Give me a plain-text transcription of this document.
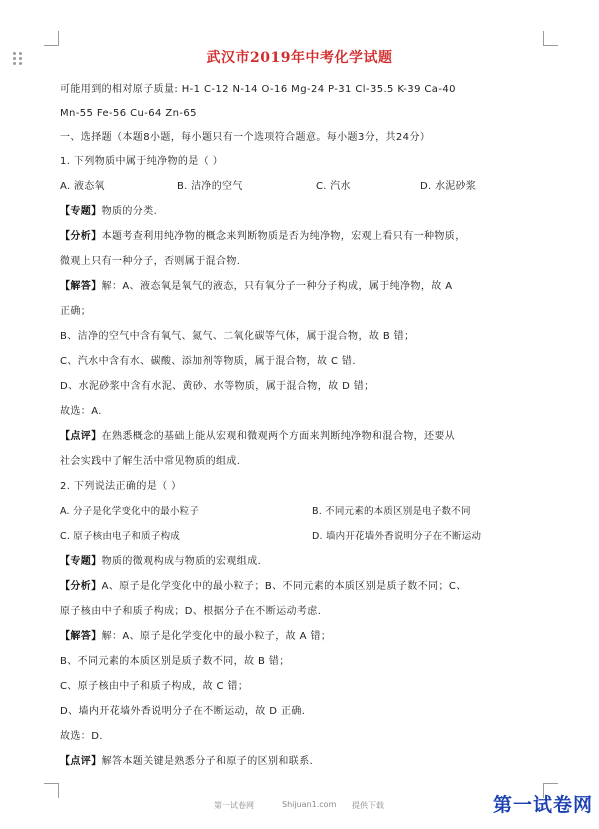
武汉市2019年中考化学试题
可能用到的相对原子质量: H-1 C-12 N-14 O-16 Mg-24 P-31 Cl-35.5 K-39 Ca-40
Mn-55 Fe-56 Cu-64 Zn-65
一、选择题（本题8小题，每小题只有一个选项符合题意。每小题3分，共24分）
1. 下列物质中属于纯净物的是（ ）
A. 液态氧	B. 洁净的空气	C. 汽水	D. 水泥砂浆
【专题】物质的分类.
【分析】本题考查利用纯净物的概念来判断物质是否为纯净物，宏观上看只有一种物质，
微观上只有一种分子，否则属于混合物.
【解答】解：A、液态氧是氧气的液态，只有氧分子一种分子构成，属于纯净物，故 A
正确；
B、洁净的空气中含有氧气、氮气、二氧化碳等气体，属于混合物，故 B 错；
C、汽水中含有水、碳酸、添加剂等物质，属于混合物，故 C 错.
D、水泥砂浆中含有水泥、黄砂、水等物质，属于混合物，故 D 错；
故选：A.
【点评】在熟悉概念的基础上能从宏观和微观两个方面来判断纯净物和混合物，还要从
社会实践中了解生活中常见物质的组成.
2. 下列说法正确的是（ ）
A. 分子是化学变化中的最小粒子	B. 不同元素的本质区别是电子数不同
C. 原子核由电子和质子构成	D. 墙内开花墙外香说明分子在不断运动
【专题】物质的微观构成与物质的宏观组成.
【分析】A、原子是化学变化中的最小粒子；B、不同元素的本质区别是质子数不同；C、
原子核由中子和质子构成；D、根据分子在不断运动考虑.
【解答】解：A、原子是化学变化中的最小粒子，故 A 错；
B、不同元素的本质区别是质子数不同，故 B 错；
C、原子核由中子和质子构成，故 C 错；
D、墙内开花墙外香说明分子在不断运动，故 D 正确.
故选：D.
【点评】解答本题关键是熟悉分子和原子的区别和联系.
第一试卷网	Shijuan1.com 提供下载	第一试卷网
